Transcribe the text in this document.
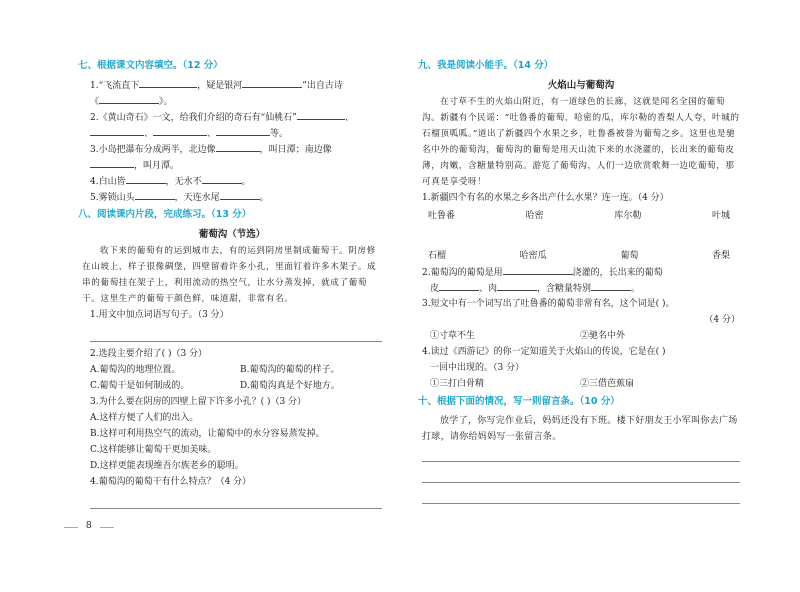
七、根据课文内容填空。（12 分）
1.“飞流直下	，疑是银河	”出自古诗
《	》。
2.《黄山奇石》一文，给我们介绍的奇石有“仙桃石”	、
、	、	等。
3.小岛把瀑布分成两半，北边像	，叫日潭；南边像
，叫月潭。
4.白山皆	，无水不	。
5.雾锁山头	，天连水尾	。
八、阅读课内片段，完成练习。（13 分）
葡萄沟（节选）
收下来的葡萄有的运到城市去，有的运到阴房里制成葡萄干。阴房修在山坡上，样子很像碉堡，四壁留着许多小孔，里面钉着许多木架子。成串的葡萄挂在架子上，利用流动的热空气，让水分蒸发掉，就成了葡萄干。这里生产的葡萄干颜色鲜，味道甜，非常有名。
1.用文中加点词语写句子。（3 分）
2.选段主要介绍了( )（3 分）
A.葡萄沟的地理位置。	B.葡萄沟的葡萄的样子。
C.葡萄干是如何制成的。	D.葡萄沟真是个好地方。
3.为什么要在阴房的四壁上留下许多小孔？( )（3 分）
A.这样方便了人们的出入。
B.这样可利用热空气的流动，让葡萄中的水分容易蒸发掉。
C.这样能够让葡萄干更加美味。
D.这样更能表现维吾尔族老乡的聪明。
4.葡萄沟的葡萄干有什么特点？（4 分）
九、我是阅读小能手。（14 分）
火焰山与葡萄沟
在寸草不生的火焰山附近，有一道绿色的长廊，这就是闻名全国的葡萄沟。新疆有个民谣：“吐鲁番的葡萄，哈密的瓜，库尔勒的香梨人人夸，叶城的石榴顶呱呱。”道出了新疆四个水果之乡，吐鲁番被誉为葡萄之乡。这里也是驰名中外的葡萄沟，葡萄沟的葡萄是用天山流下来的水浇灌的，长出来的葡萄皮薄，肉嫩，含糖量特别高。游览了葡萄沟，人们一边欣赏歌舞一边吃葡萄，那可真是享受呀！
1.新疆四个有名的水果之乡各出产什么水果？连一连。（4 分）
吐鲁番	哈密	库尔勒	叶城
石榴	哈密瓜	葡萄	香梨
2.葡萄沟的葡萄是用	浇灌的，长出来的葡萄
皮	、肉	，含糖量特别	。
3.短文中有一个词写出了吐鲁番的葡萄非常有名，这个词是( )。
（4 分）
①寸草不生	②驰名中外
4.读过《西游记》的你一定知道关于火焰山的传说，它是在( )
一回中出现的。（3 分）
①三打白骨精	②三借芭蕉扇
十、根据下面的情况，写一则留言条。（10 分）
放学了，你写完作业后，妈妈还没有下班。楼下好朋友王小军叫你去广场打球，请你给妈妈写一张留言条。
8
